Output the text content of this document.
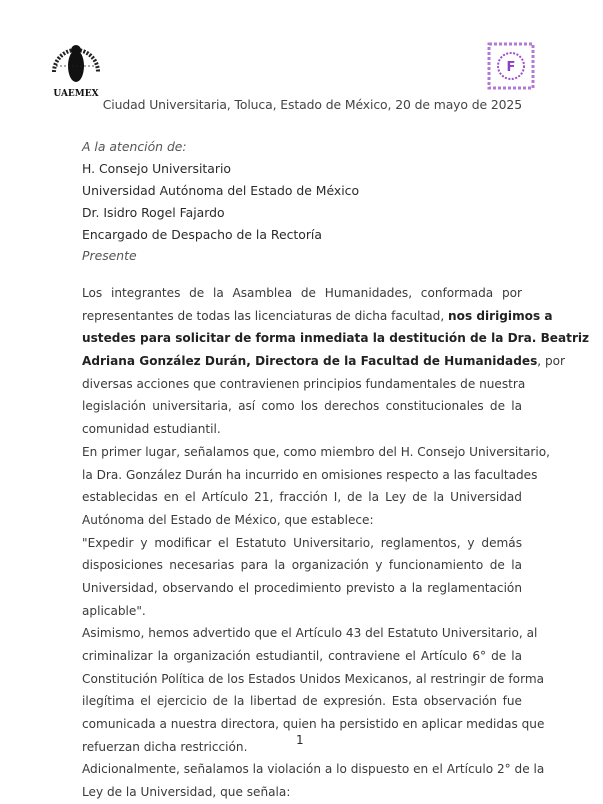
UAEMEX
F
Ciudad Universitaria, Toluca, Estado de México, 20 de mayo de 2025
A la atención de:
H. Consejo Universitario
Universidad Autónoma del Estado de México
Dr. Isidro Rogel Fajardo
Encargado de Despacho de la Rectoría
Presente
Los integrantes de la Asamblea de Humanidades, conformada por
representantes de todas las licenciaturas de dicha facultad, nos dirigimos a
ustedes para solicitar de forma inmediata la destitución de la Dra. Beatriz
Adriana González Durán, Directora de la Facultad de Humanidades, por
diversas acciones que contravienen principios fundamentales de nuestra
legislación universitaria, así como los derechos constitucionales de la
comunidad estudiantil.
En primer lugar, señalamos que, como miembro del H. Consejo Universitario,
la Dra. González Durán ha incurrido en omisiones respecto a las facultades
establecidas en el Artículo 21, fracción I, de la Ley de la Universidad
Autónoma del Estado de México, que establece:
"Expedir y modificar el Estatuto Universitario, reglamentos, y demás
disposiciones necesarias para la organización y funcionamiento de la
Universidad, observando el procedimiento previsto a la reglamentación
aplicable".
Asimismo, hemos advertido que el Artículo 43 del Estatuto Universitario, al
criminalizar la organización estudiantil, contraviene el Artículo 6° de la
Constitución Política de los Estados Unidos Mexicanos, al restringir de forma
ilegítima el ejercicio de la libertad de expresión. Esta observación fue
comunicada a nuestra directora, quien ha persistido en aplicar medidas que
refuerzan dicha restricción.
Adicionalmente, señalamos la violación a lo dispuesto en el Artículo 2° de la
Ley de la Universidad, que señala:
1
